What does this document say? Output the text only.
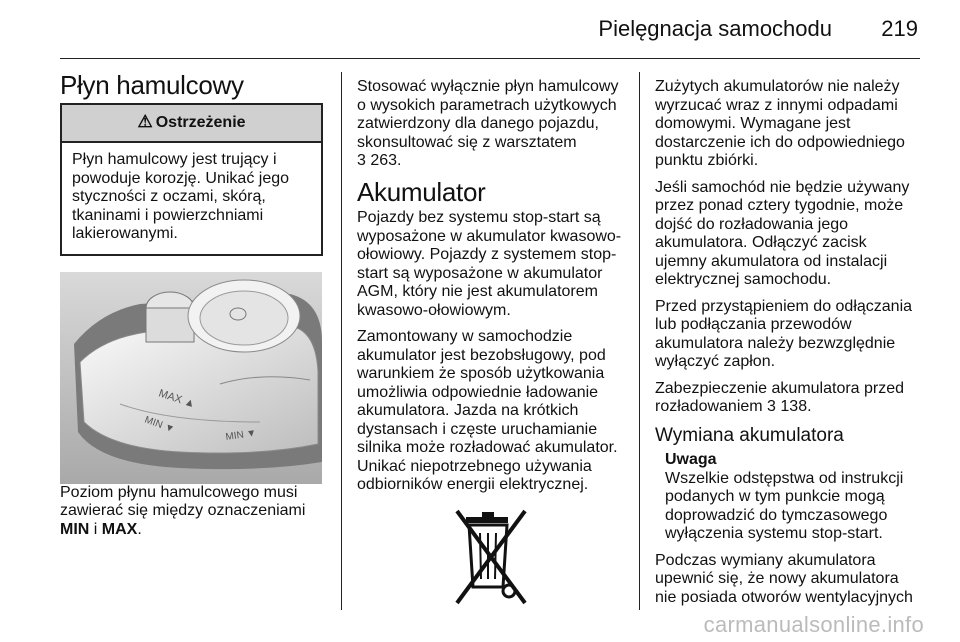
Pielęgnacja samochodu 219
Płyn hamulcowy
⚠ Ostrzeżenie
Płyn hamulcowy jest trujący i powoduje korozję. Unikać jego styczności z oczami, skórą, tkaninami i powierzchniami lakierowanymi.
MAX ▲
MIN ▼	MIN ▼

Poziom płynu hamulcowego musi zawierać się między oznaczeniami MIN i MAX.

Stosować wyłącznie płyn hamulcowy o wysokich parametrach użytkowych zatwierdzony dla danego pojazdu, skonsultować się z warsztatem
3 263.

Akumulator

Pojazdy bez systemu stop-start są wyposażone w akumulator kwasowo-ołowiowy. Pojazdy z systemem stop-start są wyposażone w akumulator AGM, który nie jest akumulatorem kwasowo-ołowiowym.

Zamontowany w samochodzie akumulator jest bezobsługowy, pod warunkiem że sposób użytkowania umożliwia odpowiednie ładowanie akumulatora. Jazda na krótkich dystansach i częste uruchamianie silnika może rozładować akumulator. Unikać niepotrzebnego używania odbiorników energii elektrycznej.

Zużytych akumulatorów nie należy wyrzucać wraz z innymi odpadami domowymi. Wymagane jest dostarczenie ich do odpowiedniego punktu zbiórki.

Jeśli samochód nie będzie używany przez ponad cztery tygodnie, może dojść do rozładowania jego akumulatora. Odłączyć zacisk ujemny akumulatora od instalacji elektrycznej samochodu.

Przed przystąpieniem do odłączania lub podłączania przewodów akumulatora należy bezwzględnie wyłączyć zapłon.

Zabezpieczenie akumulatora przed rozładowaniem 3 138.

Wymiana akumulatora
Uwaga
Wszelkie odstępstwa od instrukcji podanych w tym punkcie mogą doprowadzić do tymczasowego wyłączenia systemu stop-start.

Podczas wymiany akumulatora upewnić się, że nowy akumulatora nie posiada otworów wentylacyjnych

carmanualsonline.info
